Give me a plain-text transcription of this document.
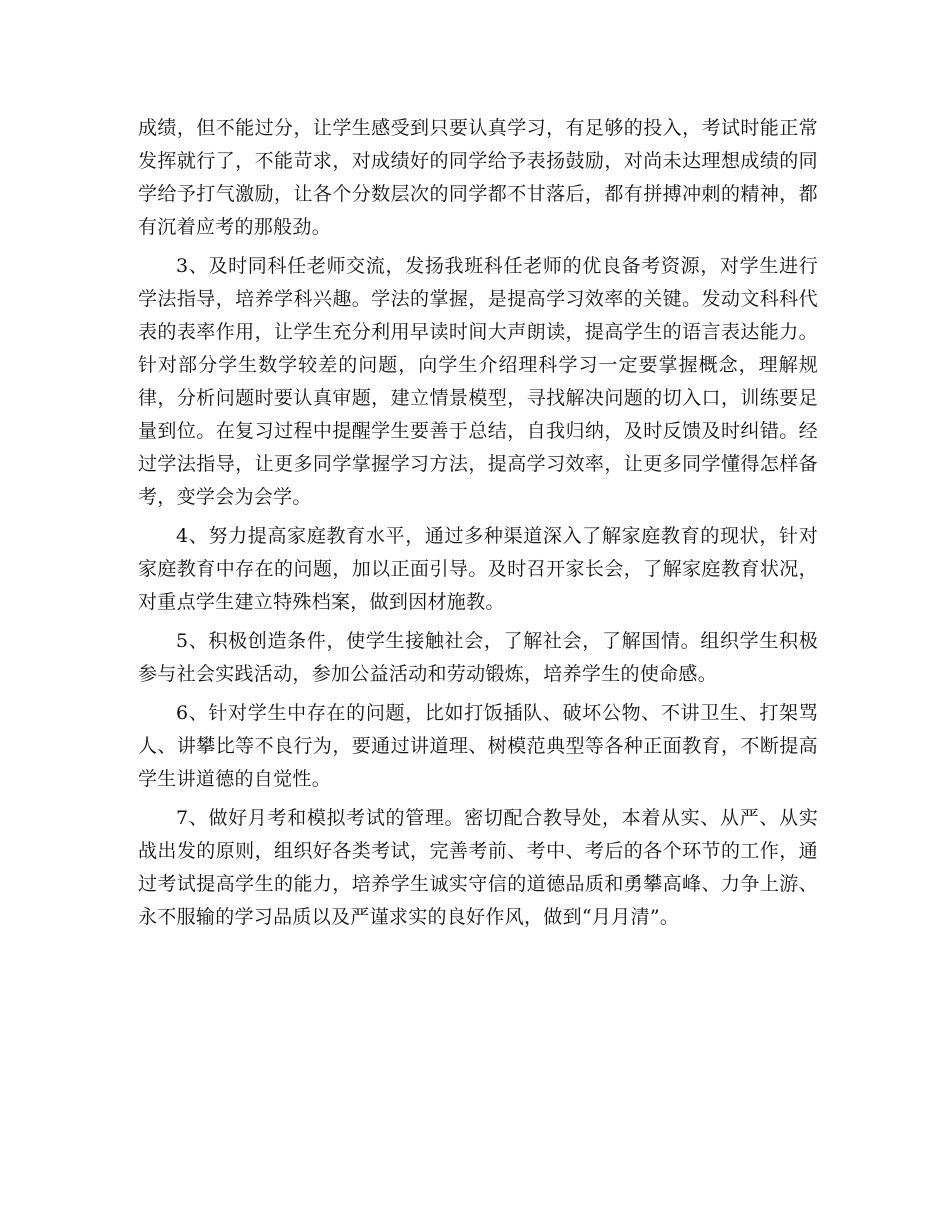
成绩，但不能过分，让学生感受到只要认真学习，有足够的投入，考试时能正常发挥就行了，不能苛求，对成绩好的同学给予表扬鼓励，对尚未达理想成绩的同学给予打气激励，让各个分数层次的同学都不甘落后，都有拼搏冲刺的精神，都有沉着应考的那般劲。

3、及时同科任老师交流，发扬我班科任老师的优良备考资源，对学生进行学法指导，培养学科兴趣。学法的掌握，是提高学习效率的关键。发动文科科代表的表率作用，让学生充分利用早读时间大声朗读，提高学生的语言表达能力。针对部分学生数学较差的问题，向学生介绍理科学习一定要掌握概念，理解规律，分析问题时要认真审题，建立情景模型，寻找解决问题的切入口，训练要足量到位。在复习过程中提醒学生要善于总结，自我归纳，及时反馈及时纠错。经过学法指导，让更多同学掌握学习方法，提高学习效率，让更多同学懂得怎样备考，变学会为会学。

4、努力提高家庭教育水平，通过多种渠道深入了解家庭教育的现状，针对家庭教育中存在的问题，加以正面引导。及时召开家长会，了解家庭教育状况，对重点学生建立特殊档案，做到因材施教。

5、积极创造条件，使学生接触社会，了解社会，了解国情。组织学生积极参与社会实践活动，参加公益活动和劳动锻炼，培养学生的使命感。

6、针对学生中存在的问题，比如打饭插队、破坏公物、不讲卫生、打架骂人、讲攀比等不良行为，要通过讲道理、树模范典型等各种正面教育，不断提高学生讲道德的自觉性。

7、做好月考和模拟考试的管理。密切配合教导处，本着从实、从严、从实战出发的原则，组织好各类考试，完善考前、考中、考后的各个环节的工作，通过考试提高学生的能力，培养学生诚实守信的道德品质和勇攀高峰、力争上游、永不服输的学习品质以及严谨求实的良好作风，做到“月月清”。
